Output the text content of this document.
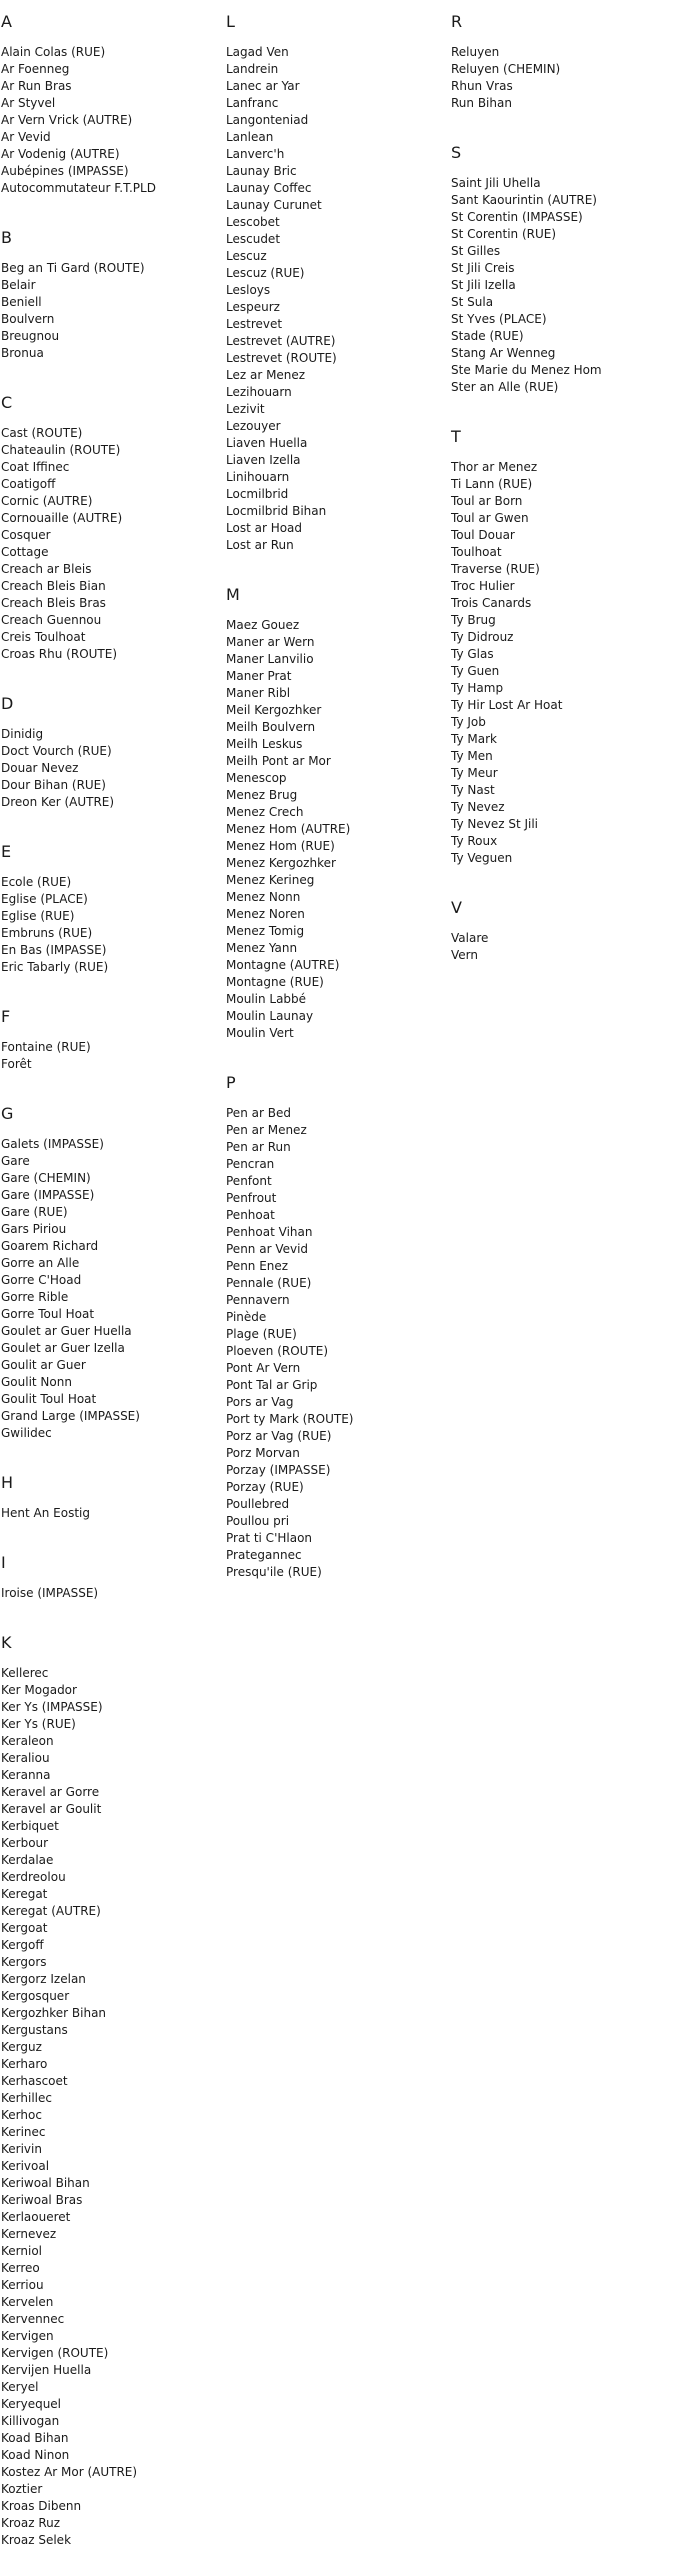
A
Alain Colas (RUE)
Ar Foenneg
Ar Run Bras
Ar Styvel
Ar Vern Vrick (AUTRE)
Ar Vevid
Ar Vodenig (AUTRE)
Aubépines (IMPASSE)
Autocommutateur F.T.PLD
B
Beg an Ti Gard (ROUTE)
Belair
Beniell
Boulvern
Breugnou
Bronua
C
Cast (ROUTE)
Chateaulin (ROUTE)
Coat Iffinec
Coatigoff
Cornic (AUTRE)
Cornouaille (AUTRE)
Cosquer
Cottage
Creach ar Bleis
Creach Bleis Bian
Creach Bleis Bras
Creach Guennou
Creis Toulhoat
Croas Rhu (ROUTE)
D
Dinidig
Doct Vourch (RUE)
Douar Nevez
Dour Bihan (RUE)
Dreon Ker (AUTRE)
E
Ecole (RUE)
Eglise (PLACE)
Eglise (RUE)
Embruns (RUE)
En Bas (IMPASSE)
Eric Tabarly (RUE)
F
Fontaine (RUE)
Forêt
G
Galets (IMPASSE)
Gare
Gare (CHEMIN)
Gare (IMPASSE)
Gare (RUE)
Gars Piriou
Goarem Richard
Gorre an Alle
Gorre C'Hoad
Gorre Rible
Gorre Toul Hoat
Goulet ar Guer Huella
Goulet ar Guer Izella
Goulit ar Guer
Goulit Nonn
Goulit Toul Hoat
Grand Large (IMPASSE)
Gwilidec
H
Hent An Eostig
I
Iroise (IMPASSE)
K
Kellerec
Ker Mogador
Ker Ys (IMPASSE)
Ker Ys (RUE)
Keraleon
Keraliou
Keranna
Keravel ar Gorre
Keravel ar Goulit
Kerbiquet
Kerbour
Kerdalae
Kerdreolou
Keregat
Keregat (AUTRE)
Kergoat
Kergoff
Kergors
Kergorz Izelan
Kergosquer
Kergozhker Bihan
Kergustans
Kerguz
Kerharo
Kerhascoet
Kerhillec
Kerhoc
Kerinec
Kerivin
Kerivoal
Keriwoal Bihan
Keriwoal Bras
Kerlaoueret
Kernevez
Kerniol
Kerreo
Kerriou
Kervelen
Kervennec
Kervigen
Kervigen (ROUTE)
Kervijen Huella
Keryel
Keryequel
Killivogan
Koad Bihan
Koad Ninon
Kostez Ar Mor (AUTRE)
Koztier
Kroas Dibenn
Kroaz Ruz
Kroaz Selek
L
Lagad Ven
Landrein
Lanec ar Yar
Lanfranc
Langonteniad
Lanlean
Lanverc'h
Launay Bric
Launay Coffec
Launay Curunet
Lescobet
Lescudet
Lescuz
Lescuz (RUE)
Lesloys
Lespeurz
Lestrevet
Lestrevet (AUTRE)
Lestrevet (ROUTE)
Lez ar Menez
Lezihouarn
Lezivit
Lezouyer
Liaven Huella
Liaven Izella
Linihouarn
Locmilbrid
Locmilbrid Bihan
Lost ar Hoad
Lost ar Run
M
Maez Gouez
Maner ar Wern
Maner Lanvilio
Maner Prat
Maner Ribl
Meil Kergozhker
Meilh Boulvern
Meilh Leskus
Meilh Pont ar Mor
Menescop
Menez Brug
Menez Crech
Menez Hom (AUTRE)
Menez Hom (RUE)
Menez Kergozhker
Menez Kerineg
Menez Nonn
Menez Noren
Menez Tomig
Menez Yann
Montagne (AUTRE)
Montagne (RUE)
Moulin Labbé
Moulin Launay
Moulin Vert
P
Pen ar Bed
Pen ar Menez
Pen ar Run
Pencran
Penfont
Penfrout
Penhoat
Penhoat Vihan
Penn ar Vevid
Penn Enez
Pennale (RUE)
Pennavern
Pinède
Plage (RUE)
Ploeven (ROUTE)
Pont Ar Vern
Pont Tal ar Grip
Pors ar Vag
Port ty Mark (ROUTE)
Porz ar Vag (RUE)
Porz Morvan
Porzay (IMPASSE)
Porzay (RUE)
Poullebred
Poullou pri
Prat ti C'Hlaon
Prategannec
Presqu'ile (RUE)
R
Reluyen
Reluyen (CHEMIN)
Rhun Vras
Run Bihan
S
Saint Jili Uhella
Sant Kaourintin (AUTRE)
St Corentin (IMPASSE)
St Corentin (RUE)
St Gilles
St Jili Creis
St Jili Izella
St Sula
St Yves (PLACE)
Stade (RUE)
Stang Ar Wenneg
Ste Marie du Menez Hom
Ster an Alle (RUE)
T
Thor ar Menez
Ti Lann (RUE)
Toul ar Born
Toul ar Gwen
Toul Douar
Toulhoat
Traverse (RUE)
Troc Hulier
Trois Canards
Ty Brug
Ty Didrouz
Ty Glas
Ty Guen
Ty Hamp
Ty Hir Lost Ar Hoat
Ty Job
Ty Mark
Ty Men
Ty Meur
Ty Nast
Ty Nevez
Ty Nevez St Jili
Ty Roux
Ty Veguen
V
Valare
Vern
